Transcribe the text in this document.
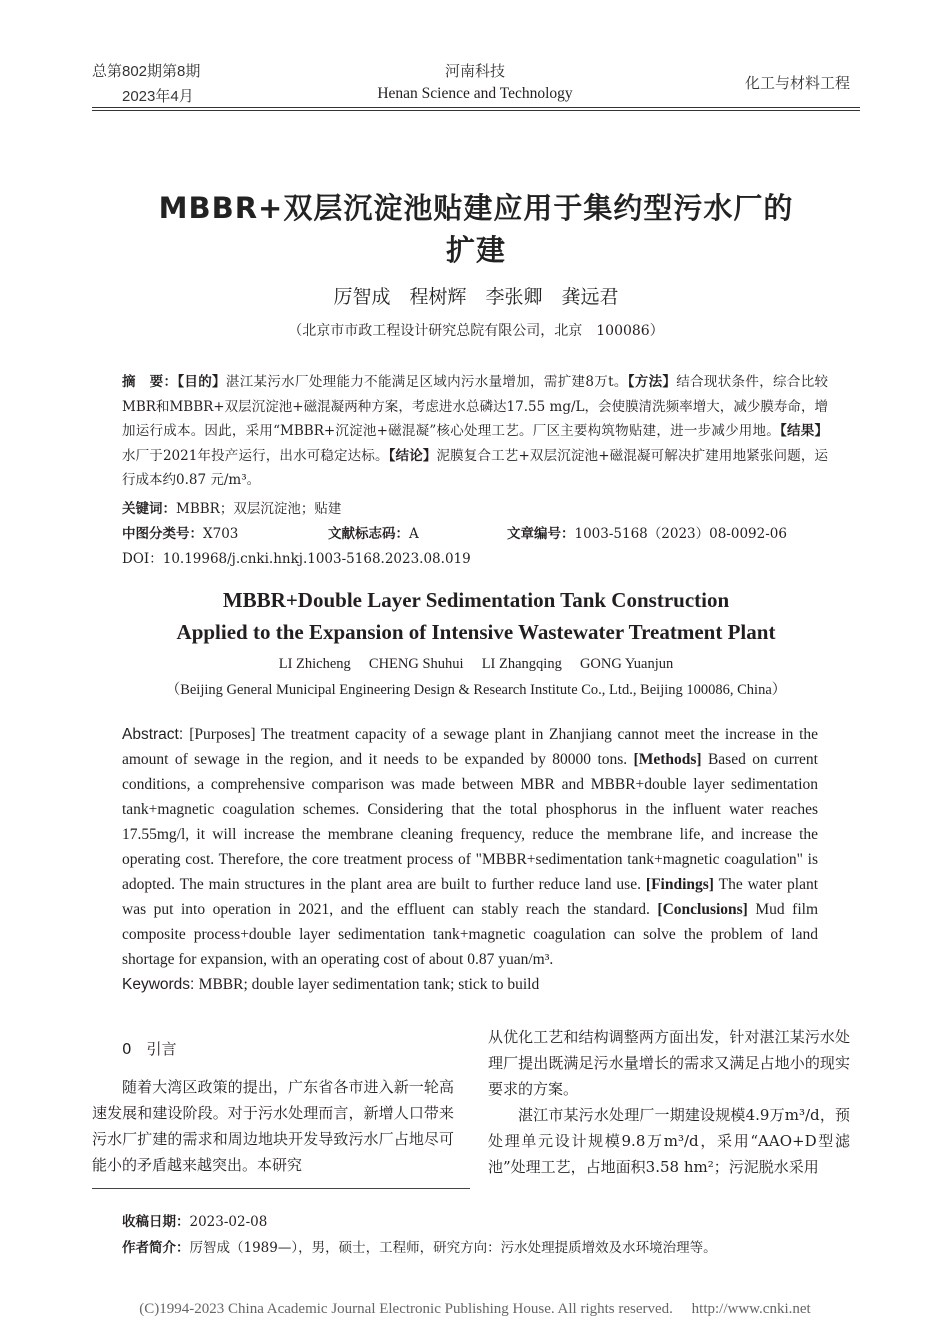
总第802期第8期
2023年4月
河南科技
Henan Science and Technology
化工与材料工程
MBBR+双层沉淀池贴建应用于集约型污水厂的
扩建
厉智成　程树辉　李张卿　龚远君
（北京市市政工程设计研究总院有限公司，北京　100086）
摘　要：【目的】湛江某污水厂处理能力不能满足区域内污水量增加，需扩建8万t。【方法】结合现状条件，综合比较MBR和MBBR+双层沉淀池+磁混凝两种方案，考虑进水总磷达17.55 mg/L，会使膜清洗频率增大，减少膜寿命，增加运行成本。因此，采用“MBBR+沉淀池+磁混凝”核心处理工艺。厂区主要构筑物贴建，进一步减少用地。【结果】水厂于2021年投产运行，出水可稳定达标。【结论】泥膜复合工艺+双层沉淀池+磁混凝可解决扩建用地紧张问题，运行成本约0.87 元/m³。
关键词：MBBR；双层沉淀池；贴建
中图分类号：X703	文献标志码：A	文章编号：1003-5168（2023）08-0092-06
DOI：10.19968/j.cnki.hnkj.1003-5168.2023.08.019
MBBR+Double Layer Sedimentation Tank Construction
Applied to the Expansion of Intensive Wastewater Treatment Plant
LI Zhicheng　 CHENG Shuhui　 LI Zhangqing　 GONG Yuanjun
（Beijing General Municipal Engineering Design & Research Institute Co., Ltd., Beijing 100086, China）
Abstract: [Purposes] The treatment capacity of a sewage plant in Zhanjiang cannot meet the increase in the amount of sewage in the region, and it needs to be expanded by 80000 tons. [Methods] Based on current conditions, a comprehensive comparison was made between MBR and MBBR+double layer sedimentation tank+magnetic coagulation schemes. Considering that the total phosphorus in the influent water reaches 17.55mg/l, it will increase the membrane cleaning frequency, reduce the membrane life, and increase the operating cost. Therefore, the core treatment process of "MBBR+sedimentation tank+magnetic coagulation" is adopted. The main structures in the plant area are built to further reduce land use. [Findings] The water plant was put into operation in 2021, and the effluent can stably reach the standard. [Conclusions] Mud film composite process+double layer sedimentation tank+magnetic coagulation can solve the problem of land shortage for expansion, with an operating cost of about 0.87 yuan/m³.
Keywords: MBBR; double layer sedimentation tank; stick to build
0　引言
随着大湾区政策的提出，广东省各市进入新一轮高速发展和建设阶段。对于污水处理而言，新增人口带来污水厂扩建的需求和周边地块开发导致污水厂占地尽可能小的矛盾越来越突出。本研究
从优化工艺和结构调整两方面出发，针对湛江某污水处理厂提出既满足污水量增长的需求又满足占地小的现实要求的方案。
湛江市某污水处理厂一期建设规模4.9万m³/d，预处理单元设计规模9.8万m³/d，采用“AAO+D型滤池”处理工艺，占地面积3.58 hm²；污泥脱水采用
收稿日期：2023-02-08
作者简介：厉智成（1989—），男，硕士，工程师，研究方向：污水处理提质增效及水环境治理等。
(C)1994-2023 China Academic Journal Electronic Publishing House. All rights reserved.　 http://www.cnki.net
